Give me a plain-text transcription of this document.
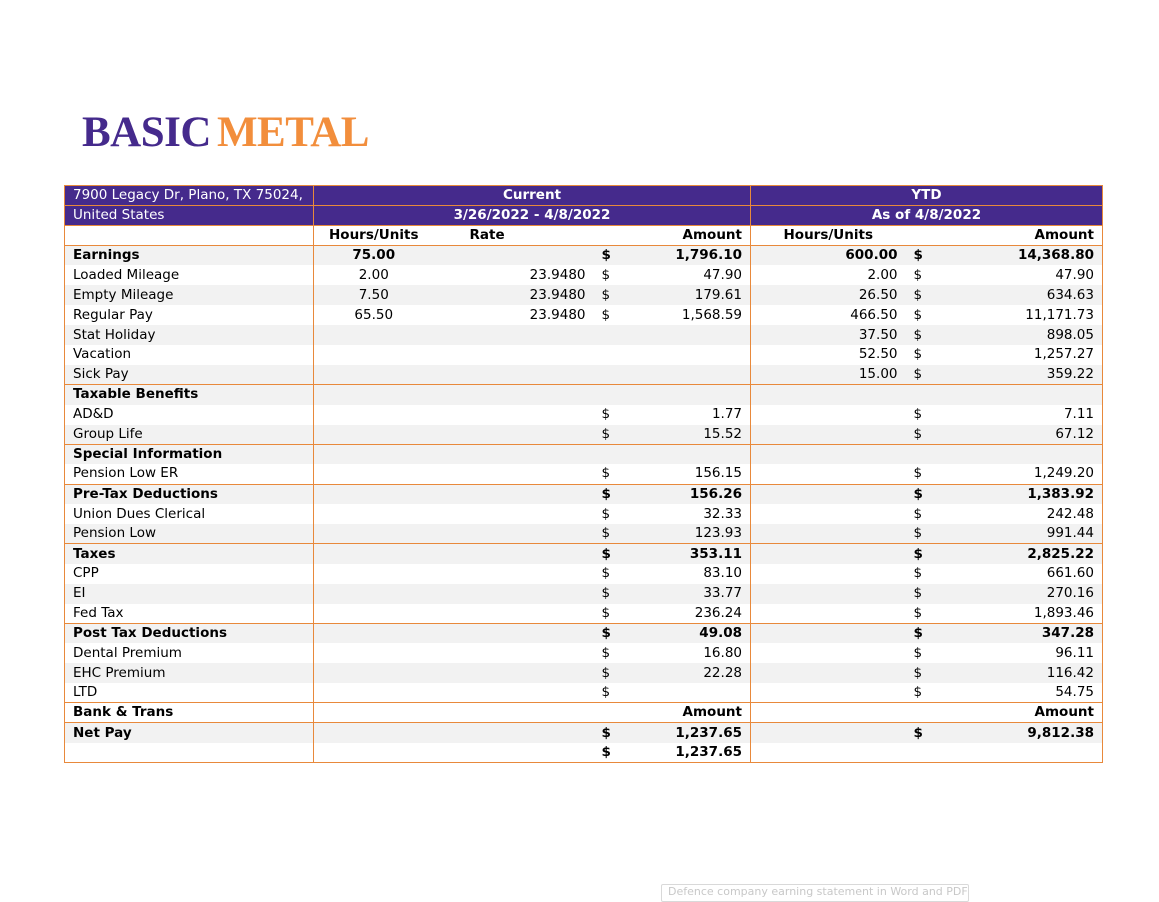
BASIC METAL
7900 Legacy Dr, Plano, TX 75024,	Current				YTD		
United States	3/26/2022 - 4/8/2022				As of 4/8/2022		
	Hours/Units	Rate		Amount	Hours/Units		Amount
Earnings	75.00		$	1,796.10	600.00	$	14,368.80
Loaded Mileage	2.00	23.9480	$	47.90	2.00	$	47.90
Empty Mileage	7.50	23.9480	$	179.61	26.50	$	634.63
Regular Pay	65.50	23.9480	$	1,568.59	466.50	$	11,171.73
Stat Holiday					37.50	$	898.05
Vacation					52.50	$	1,257.27
Sick Pay					15.00	$	359.22
Taxable Benefits							
AD&D			$	1.77		$	7.11
Group Life			$	15.52		$	67.12
Special Information							
Pension Low ER			$	156.15		$	1,249.20
Pre-Tax Deductions			$	156.26		$	1,383.92
Union Dues Clerical			$	32.33		$	242.48
Pension Low			$	123.93		$	991.44
Taxes			$	353.11		$	2,825.22
CPP			$	83.10		$	661.60
EI			$	33.77		$	270.16
Fed Tax			$	236.24		$	1,893.46
Post Tax Deductions			$	49.08		$	347.28
Dental Premium			$	16.80		$	96.11
EHC Premium			$	22.28		$	116.42
LTD			$			$	54.75
Bank & Trans				Amount			Amount
Net Pay			$	1,237.65		$	9,812.38
			$	1,237.65			
Defence company earning statement in Word and PDF
